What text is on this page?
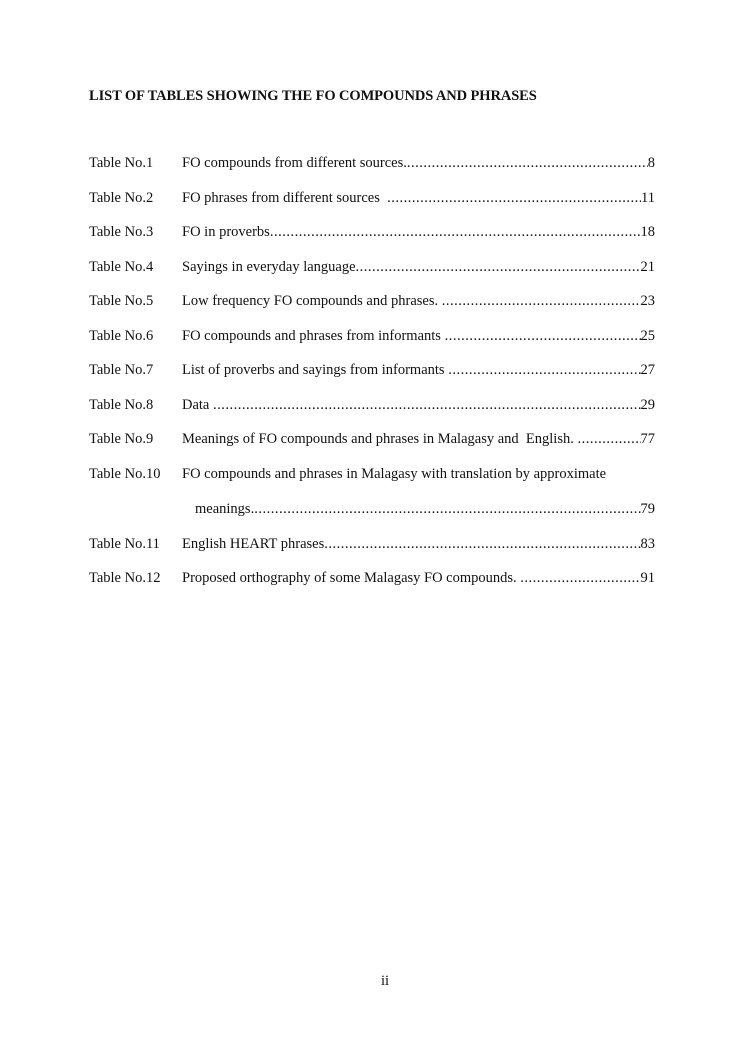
LIST OF TABLES SHOWING THE FO COMPOUNDS AND PHRASES
Table No.1 FO compounds from different sources. .....	8
Table No.2 FO phrases from different sources .....	11
Table No.3 FO in proverbs .....	18
Table No.4 Sayings in everyday language .....	21
Table No.5 Low frequency FO compounds and phrases. .....	23
Table No.6 FO compounds and phrases from informants .....	25
Table No.7 List of proverbs and sayings from informants .....	27
Table No.8 Data .....	29
Table No.9 Meanings of FO compounds and phrases in Malagasy and  English. .....	77
Table No.10 FO compounds and phrases in Malagasy with translation by approximate
meanings. .....	79
Table No.11 English HEART phrases .....	83
Table No.12 Proposed orthography of some Malagasy FO compounds. .....	91
ii
